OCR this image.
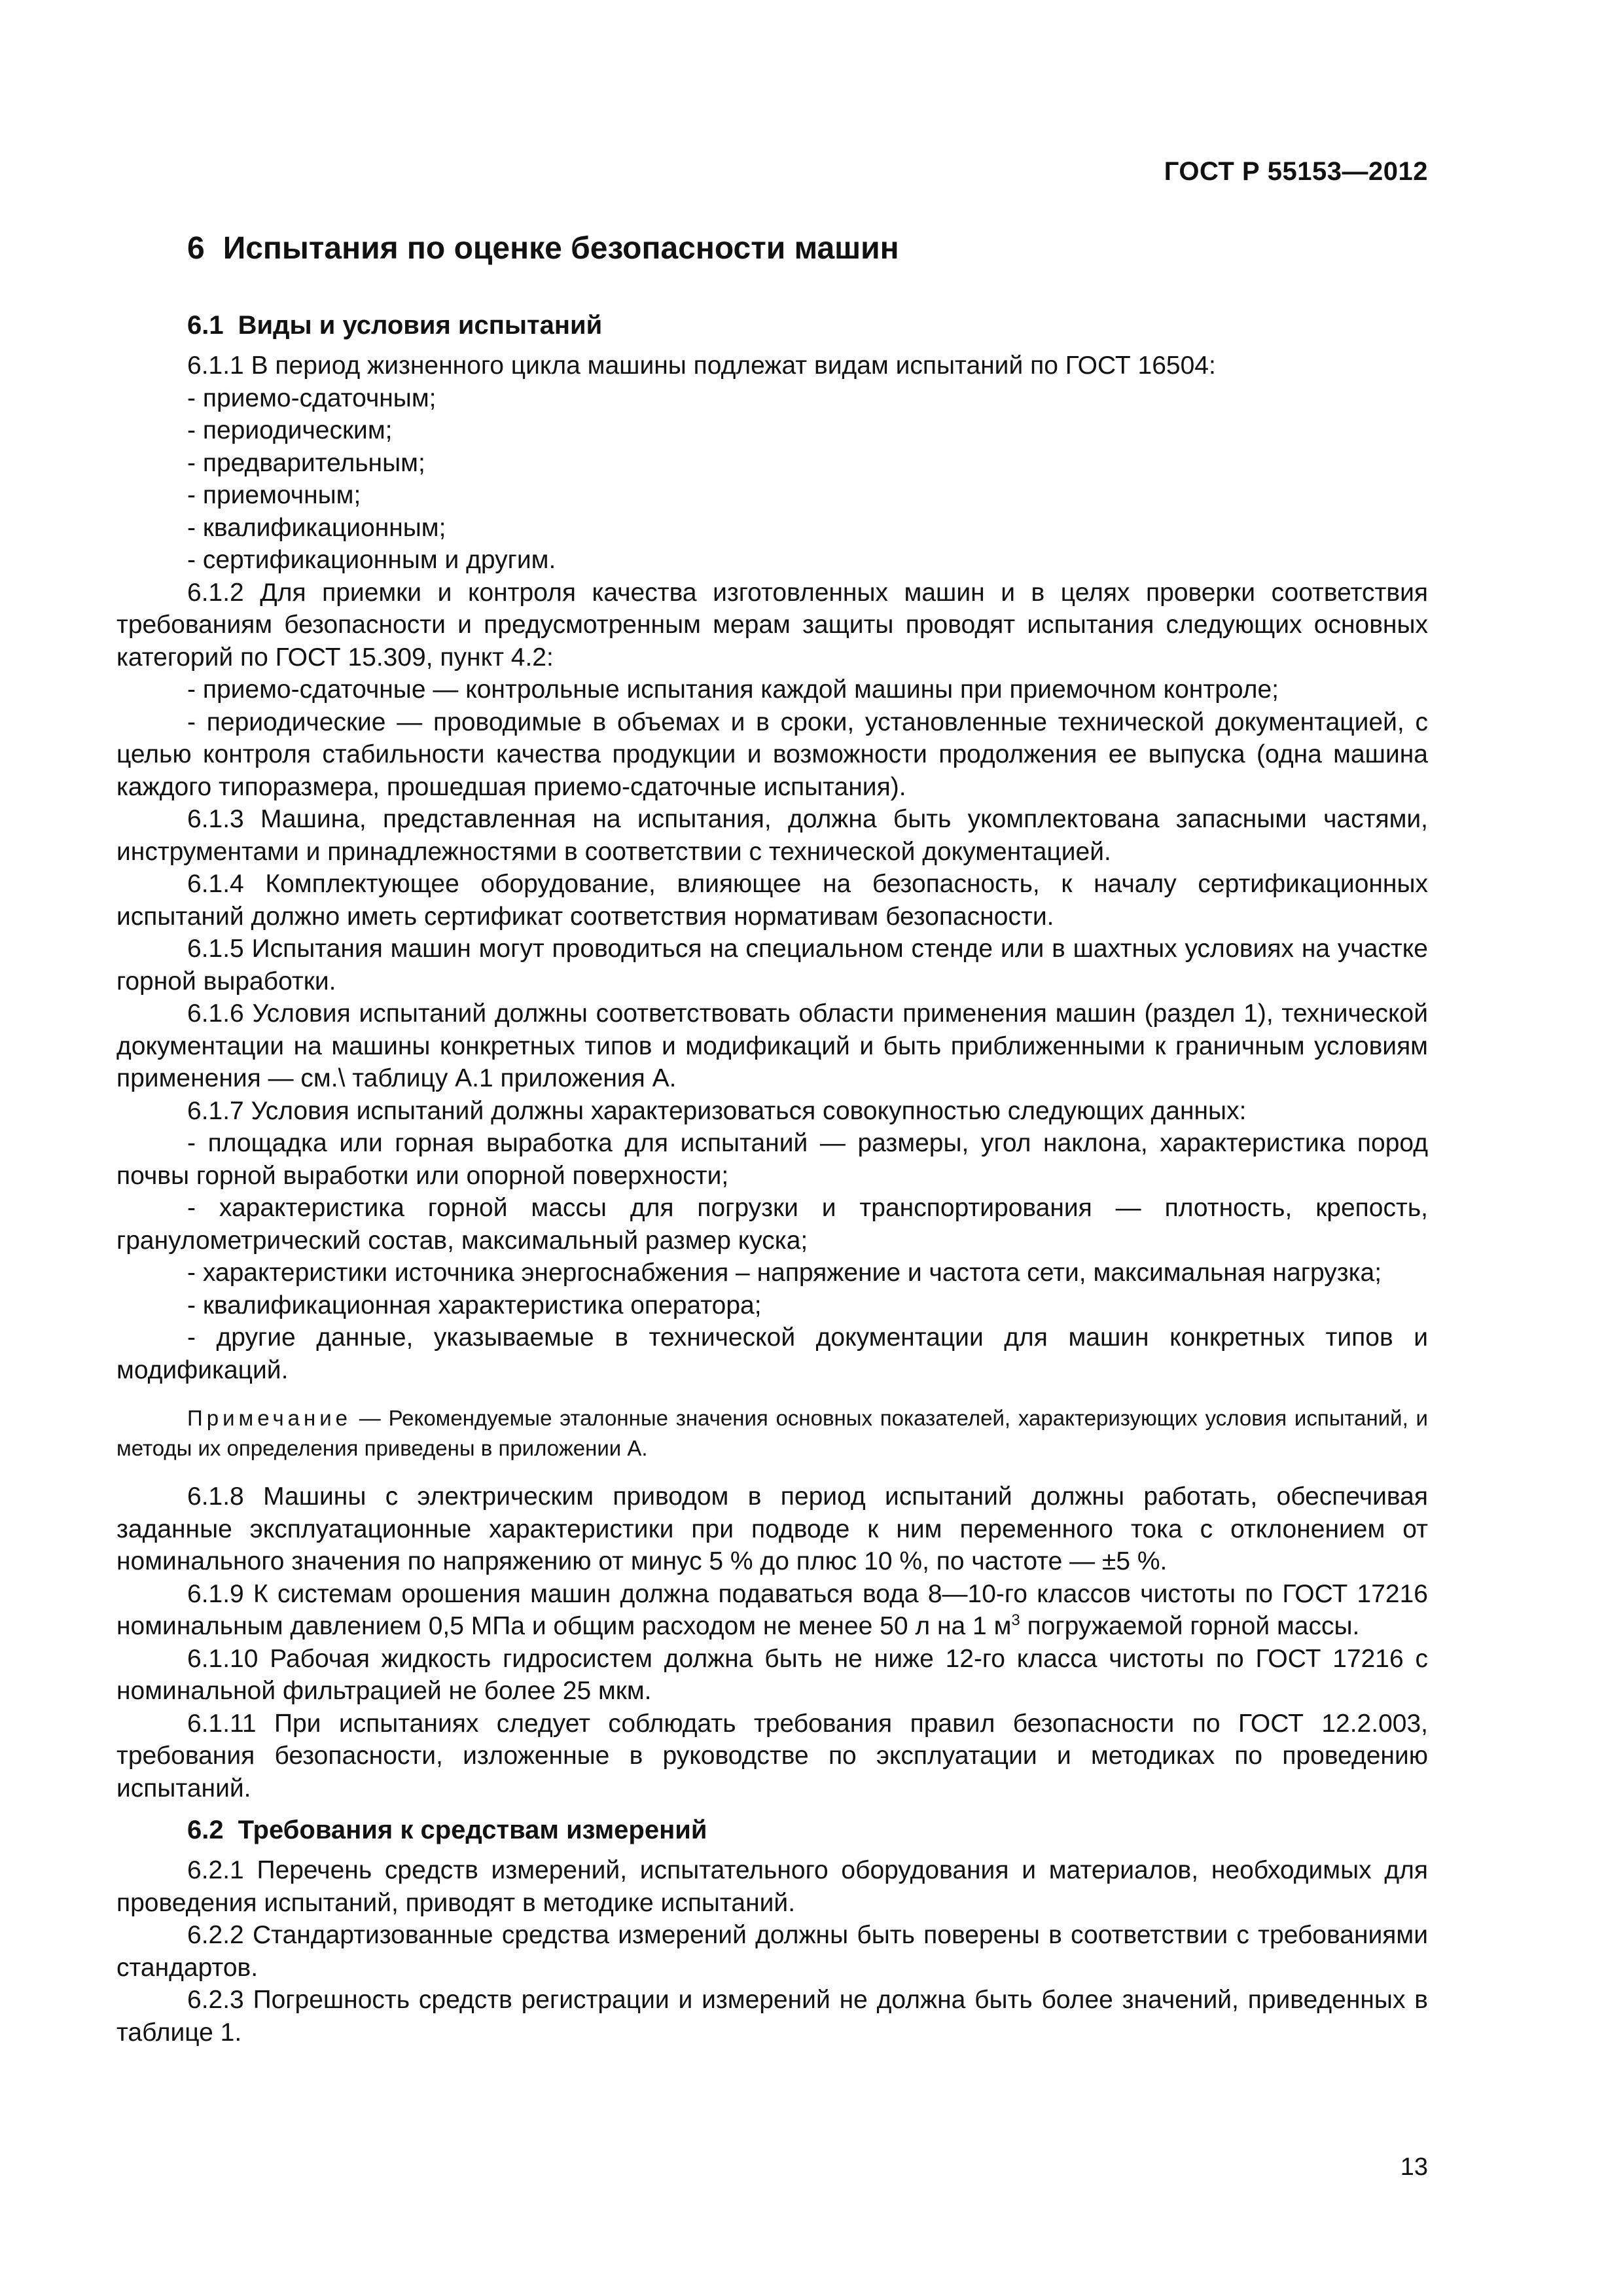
ГОСТ Р 55153—2012
6 Испытания по оценке безопасности машин
6.1 Виды и условия испытаний

6.1.1 В период жизненного цикла машины подлежат видам испытаний по ГОСТ 16504:

- приемо-сдаточным;
- периодическим;
- предварительным;
- приемочным;
- квалификационным;
- сертификационным и другим.

6.1.2 Для приемки и контроля качества изготовленных машин и в целях проверки соответствия требованиям безопасности и предусмотренным мерам защиты проводят испытания следующих основных категорий по ГОСТ 15.309, пункт 4.2:

- приемо-сдаточные — контрольные испытания каждой машины при приемочном контроле;

- периодические — проводимые в объемах и в сроки, установленные технической документацией, с целью контроля стабильности качества продукции и возможности продолжения ее выпуска (одна машина каждого типоразмера, прошедшая приемо-сдаточные испытания).

6.1.3 Машина, представленная на испытания, должна быть укомплектована запасными частями, инструментами и принадлежностями в соответствии с технической документацией.

6.1.4 Комплектующее оборудование, влияющее на безопасность, к началу сертификационных испытаний должно иметь сертификат соответствия нормативам безопасности.

6.1.5 Испытания машин могут проводиться на специальном стенде или в шахтных условиях на участке горной выработки.

6.1.6 Условия испытаний должны соответствовать области применения машин (раздел 1), технической документации на машины конкретных типов и модификаций и быть приближенными к граничным условиям применения — см.\ таблицу А.1 приложения А.

6.1.7 Условия испытаний должны характеризоваться совокупностью следующих данных:

- площадка или горная выработка для испытаний — размеры, угол наклона, характеристика пород почвы горной выработки или опорной поверхности;

- характеристика горной массы для погрузки и транспортирования — плотность, крепость, гранулометрический состав, максимальный размер куска;

- характеристики источника энергоснабжения – напряжение и частота сети, максимальная нагрузка;

- квалификационная характеристика оператора;

- другие данные, указываемые в технической документации для машин конкретных типов и модификаций.

Примечание — Рекомендуемые эталонные значения основных показателей, характеризующих условия испытаний, и методы их определения приведены в приложении А.

6.1.8 Машины с электрическим приводом в период испытаний должны работать, обеспечивая заданные эксплуатационные характеристики при подводе к ним переменного тока с отклонением от номинального значения по напряжению от минус 5 % до плюс 10 %, по частоте — ±5 %.

6.1.9 К системам орошения машин должна подаваться вода 8—10-го классов чистоты по ГОСТ 17216 номинальным давлением 0,5 МПа и общим расходом не менее 50 л на 1 $м^3$ погружаемой горной массы.

6.1.10 Рабочая жидкость гидросистем должна быть не ниже 12-го класса чистоты по ГОСТ 17216 с номинальной фильтрацией не более 25 мкм.

6.1.11 При испытаниях следует соблюдать требования правил безопасности по ГОСТ 12.2.003, требования безопасности, изложенные в руководстве по эксплуатации и методиках по проведению испытаний.

6.2 Требования к средствам измерений

6.2.1 Перечень средств измерений, испытательного оборудования и материалов, необходимых для проведения испытаний, приводят в методике испытаний.

6.2.2 Стандартизованные средства измерений должны быть поверены в соответствии с требованиями стандартов.

6.2.3 Погрешность средств регистрации и измерений не должна быть более значений, приведенных в таблице 1.

13
